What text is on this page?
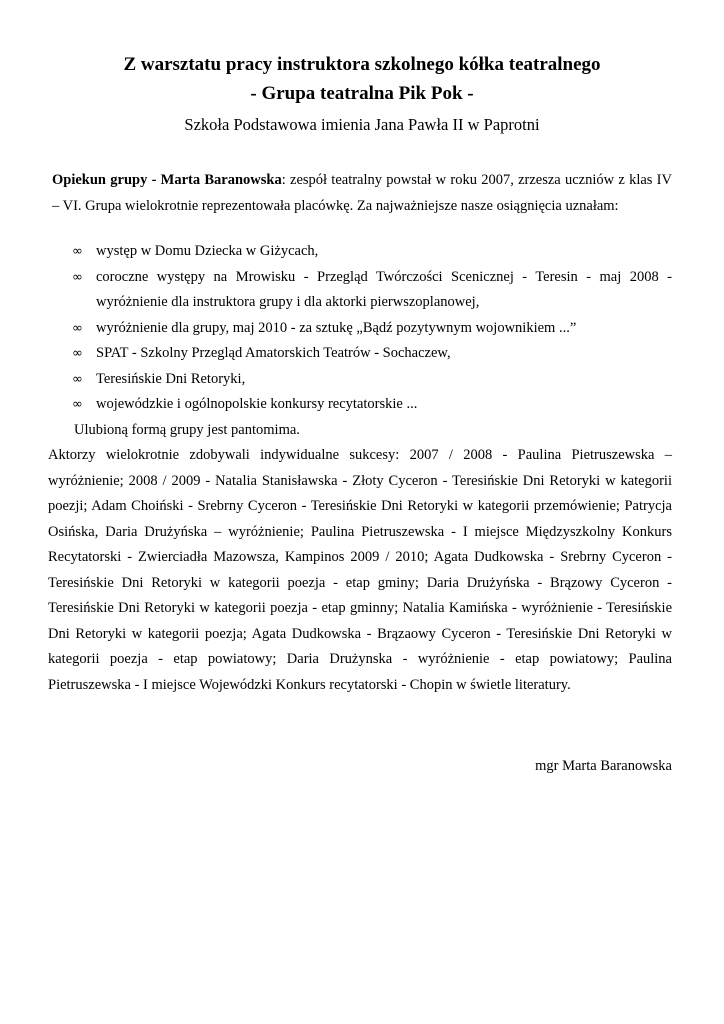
Z warsztatu pracy instruktora szkolnego kółka teatralnego

- Grupa teatralna Pik Pok -

Szkoła Podstawowa imienia Jana Pawła II w Paprotni

Opiekun grupy - Marta Baranowska: zespół teatralny powstał w roku 2007, zrzesza uczniów z klas IV – VI. Grupa wielokrotnie reprezentowała placówkę. Za najważniejsze nasze osiągnięcia uznałam:

∞ występ w Domu Dziecka w Giżycach,
∞ coroczne występy na Mrowisku - Przegląd Twórczości Scenicznej - Teresin - maj 2008 - wyróżnienie dla instruktora grupy i dla aktorki pierwszoplanowej,
∞ wyróżnienie dla grupy, maj 2010 - za sztukę „Bądź pozytywnym wojownikiem ...”
∞ SPAT - Szkolny Przegląd Amatorskich Teatrów - Sochaczew,
∞ Teresińskie Dni Retoryki,
∞ wojewódzkie i ogólnopolskie konkursy recytatorskie ...

Ulubioną formą grupy jest pantomima.

Aktorzy wielokrotnie zdobywali indywidualne sukcesy: 2007 / 2008 - Paulina Pietruszewska – wyróżnienie; 2008 / 2009 - Natalia Stanisławska - Złoty Cyceron - Teresińskie Dni Retoryki w kategorii poezji; Adam Choiński - Srebrny Cyceron - Teresińskie Dni Retoryki w kategorii przemówienie; Patrycja Osińska, Daria Drużyńska – wyróżnienie; Paulina Pietruszewska - I miejsce Międzyszkolny Konkurs Recytatorski - Zwierciadła Mazowsza, Kampinos 2009 / 2010; Agata Dudkowska - Srebrny Cyceron - Teresińskie Dni Retoryki w kategorii poezja - etap gminy; Daria Drużyńska - Brązowy Cyceron - Teresińskie Dni Retoryki w kategorii poezja - etap gminny; Natalia Kamińska - wyróżnienie - Teresińskie Dni Retoryki w kategorii poezja; Agata Dudkowska - Brązaowy Cyceron - Teresińskie Dni Retoryki w kategorii poezja - etap powiatowy; Daria Drużynska - wyróżnienie - etap powiatowy; Paulina Pietruszewska - I miejsce Wojewódzki Konkurs recytatorski - Chopin w świetle literatury.

mgr Marta Baranowska
